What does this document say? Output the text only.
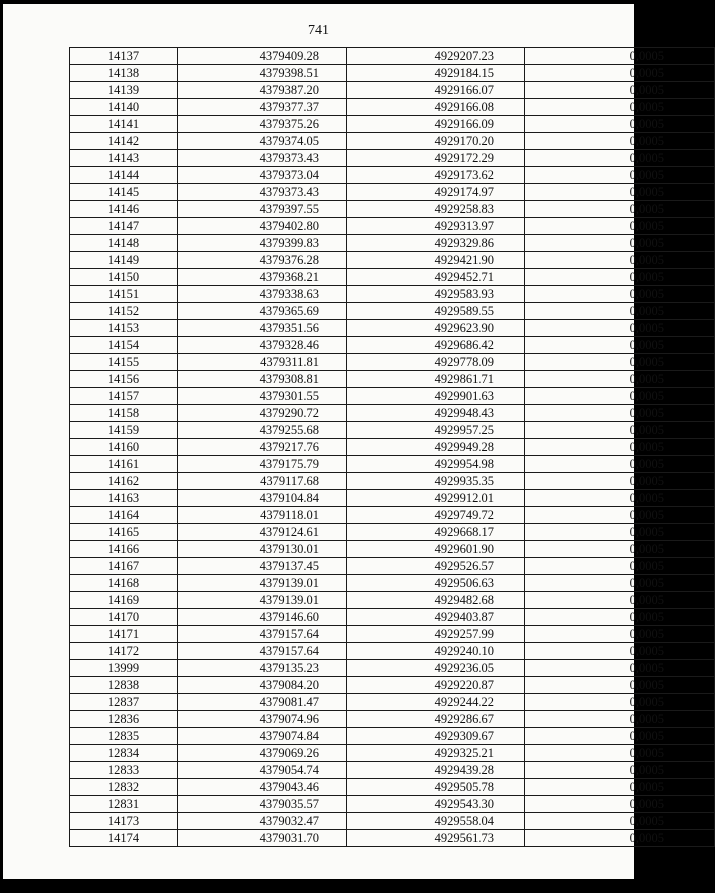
741
14137	4379409.28	4929207.23	0,0005
14138	4379398.51	4929184.15	0,0005
14139	4379387.20	4929166.07	0,0005
14140	4379377.37	4929166.08	0,0005
14141	4379375.26	4929166.09	0,0005
14142	4379374.05	4929170.20	0,0005
14143	4379373.43	4929172.29	0,0005
14144	4379373.04	4929173.62	0,0005
14145	4379373.43	4929174.97	0,0005
14146	4379397.55	4929258.83	0,0005
14147	4379402.80	4929313.97	0,0005
14148	4379399.83	4929329.86	0,0005
14149	4379376.28	4929421.90	0,0005
14150	4379368.21	4929452.71	0,0005
14151	4379338.63	4929583.93	0,0005
14152	4379365.69	4929589.55	0,0005
14153	4379351.56	4929623.90	0,0005
14154	4379328.46	4929686.42	0,0005
14155	4379311.81	4929778.09	0,0005
14156	4379308.81	4929861.71	0,0005
14157	4379301.55	4929901.63	0,0005
14158	4379290.72	4929948.43	0,0005
14159	4379255.68	4929957.25	0,0005
14160	4379217.76	4929949.28	0,0005
14161	4379175.79	4929954.98	0,0005
14162	4379117.68	4929935.35	0,0005
14163	4379104.84	4929912.01	0,0005
14164	4379118.01	4929749.72	0,0005
14165	4379124.61	4929668.17	0,0005
14166	4379130.01	4929601.90	0,0005
14167	4379137.45	4929526.57	0,0005
14168	4379139.01	4929506.63	0,0005
14169	4379139.01	4929482.68	0,0005
14170	4379146.60	4929403.87	0,0005
14171	4379157.64	4929257.99	0,0005
14172	4379157.64	4929240.10	0,0005
13999	4379135.23	4929236.05	0,0005
12838	4379084.20	4929220.87	0,0005
12837	4379081.47	4929244.22	0,0005
12836	4379074.96	4929286.67	0,0005
12835	4379074.84	4929309.67	0,0005
12834	4379069.26	4929325.21	0,0005
12833	4379054.74	4929439.28	0,0005
12832	4379043.46	4929505.78	0,0005
12831	4379035.57	4929543.30	0,0005
14173	4379032.47	4929558.04	0,0005
14174	4379031.70	4929561.73	0,0005
